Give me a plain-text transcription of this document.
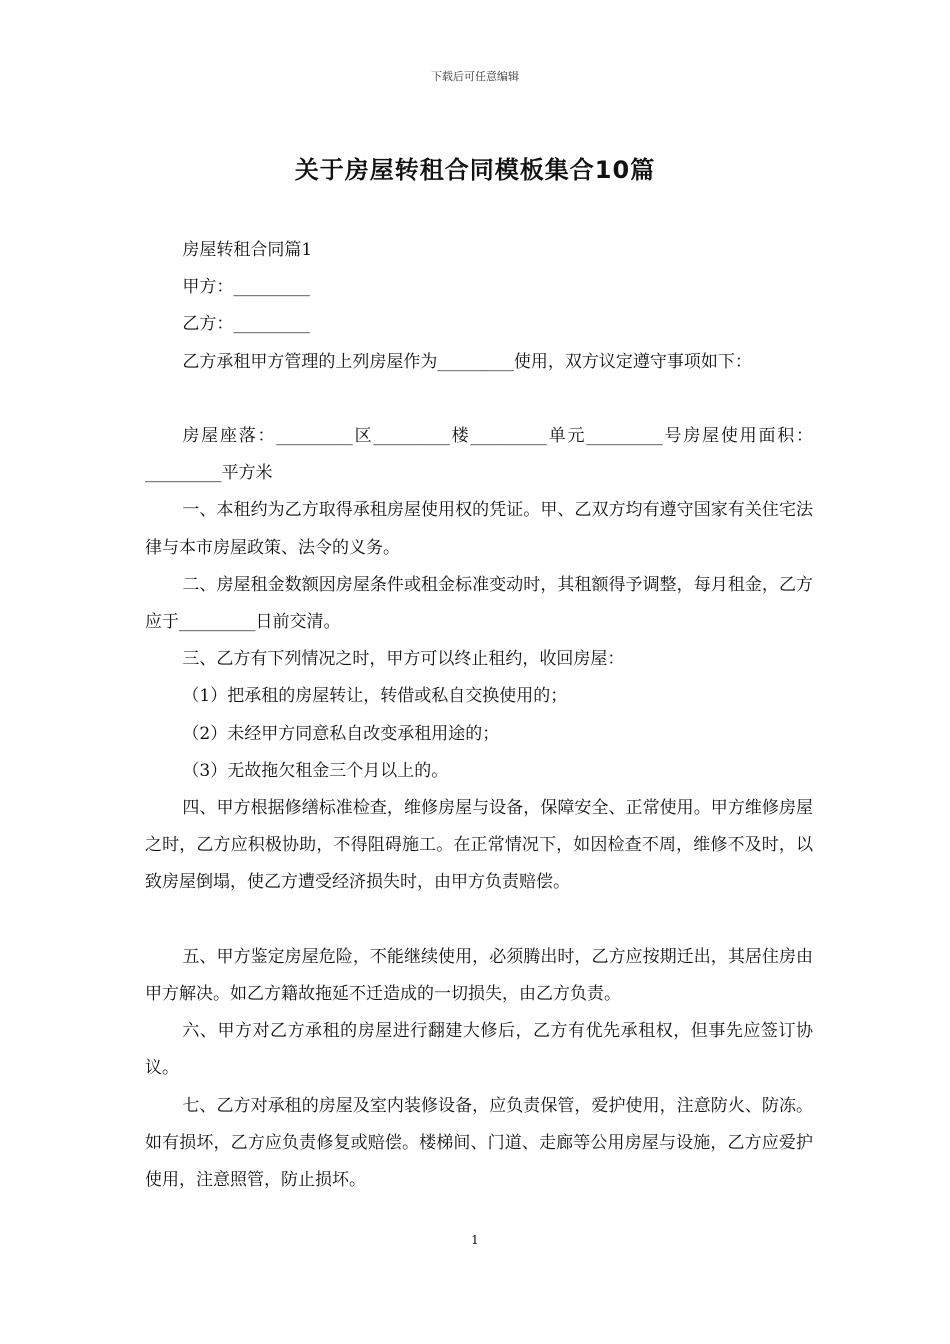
下载后可任意编辑
关于房屋转租合同模板集合10篇

房屋转租合同篇1

甲方：_________

乙方：_________

乙方承租甲方管理的上列房屋作为_________使用，双方议定遵守事项如下：

房屋座落：_________区_________楼_________单元_________号房屋使用面积：_________平方米

一、本租约为乙方取得承租房屋使用权的凭证。甲、乙双方均有遵守国家有关住宅法律与本市房屋政策、法令的义务。

二、房屋租金数额因房屋条件或租金标准变动时，其租额得予调整，每月租金，乙方应于_________日前交清。

三、乙方有下列情况之时，甲方可以终止租约，收回房屋：

（1）把承租的房屋转让，转借或私自交换使用的；

（2）未经甲方同意私自改变承租用途的；

（3）无故拖欠租金三个月以上的。

四、甲方根据修缮标准检查，维修房屋与设备，保障安全、正常使用。甲方维修房屋之时，乙方应积极协助，不得阻碍施工。在正常情况下，如因检查不周，维修不及时，以致房屋倒塌，使乙方遭受经济损失时，由甲方负责赔偿。

五、甲方鉴定房屋危险，不能继续使用，必须腾出时，乙方应按期迁出，其居住房由甲方解决。如乙方籍故拖延不迁造成的一切损失，由乙方负责。

六、甲方对乙方承租的房屋进行翻建大修后，乙方有优先承租权，但事先应签订协议。

七、乙方对承租的房屋及室内装修设备，应负责保管，爱护使用，注意防火、防冻。如有损坏，乙方应负责修复或赔偿。楼梯间、门道、走廊等公用房屋与设施，乙方应爱护使用，注意照管，防止损坏。

1
